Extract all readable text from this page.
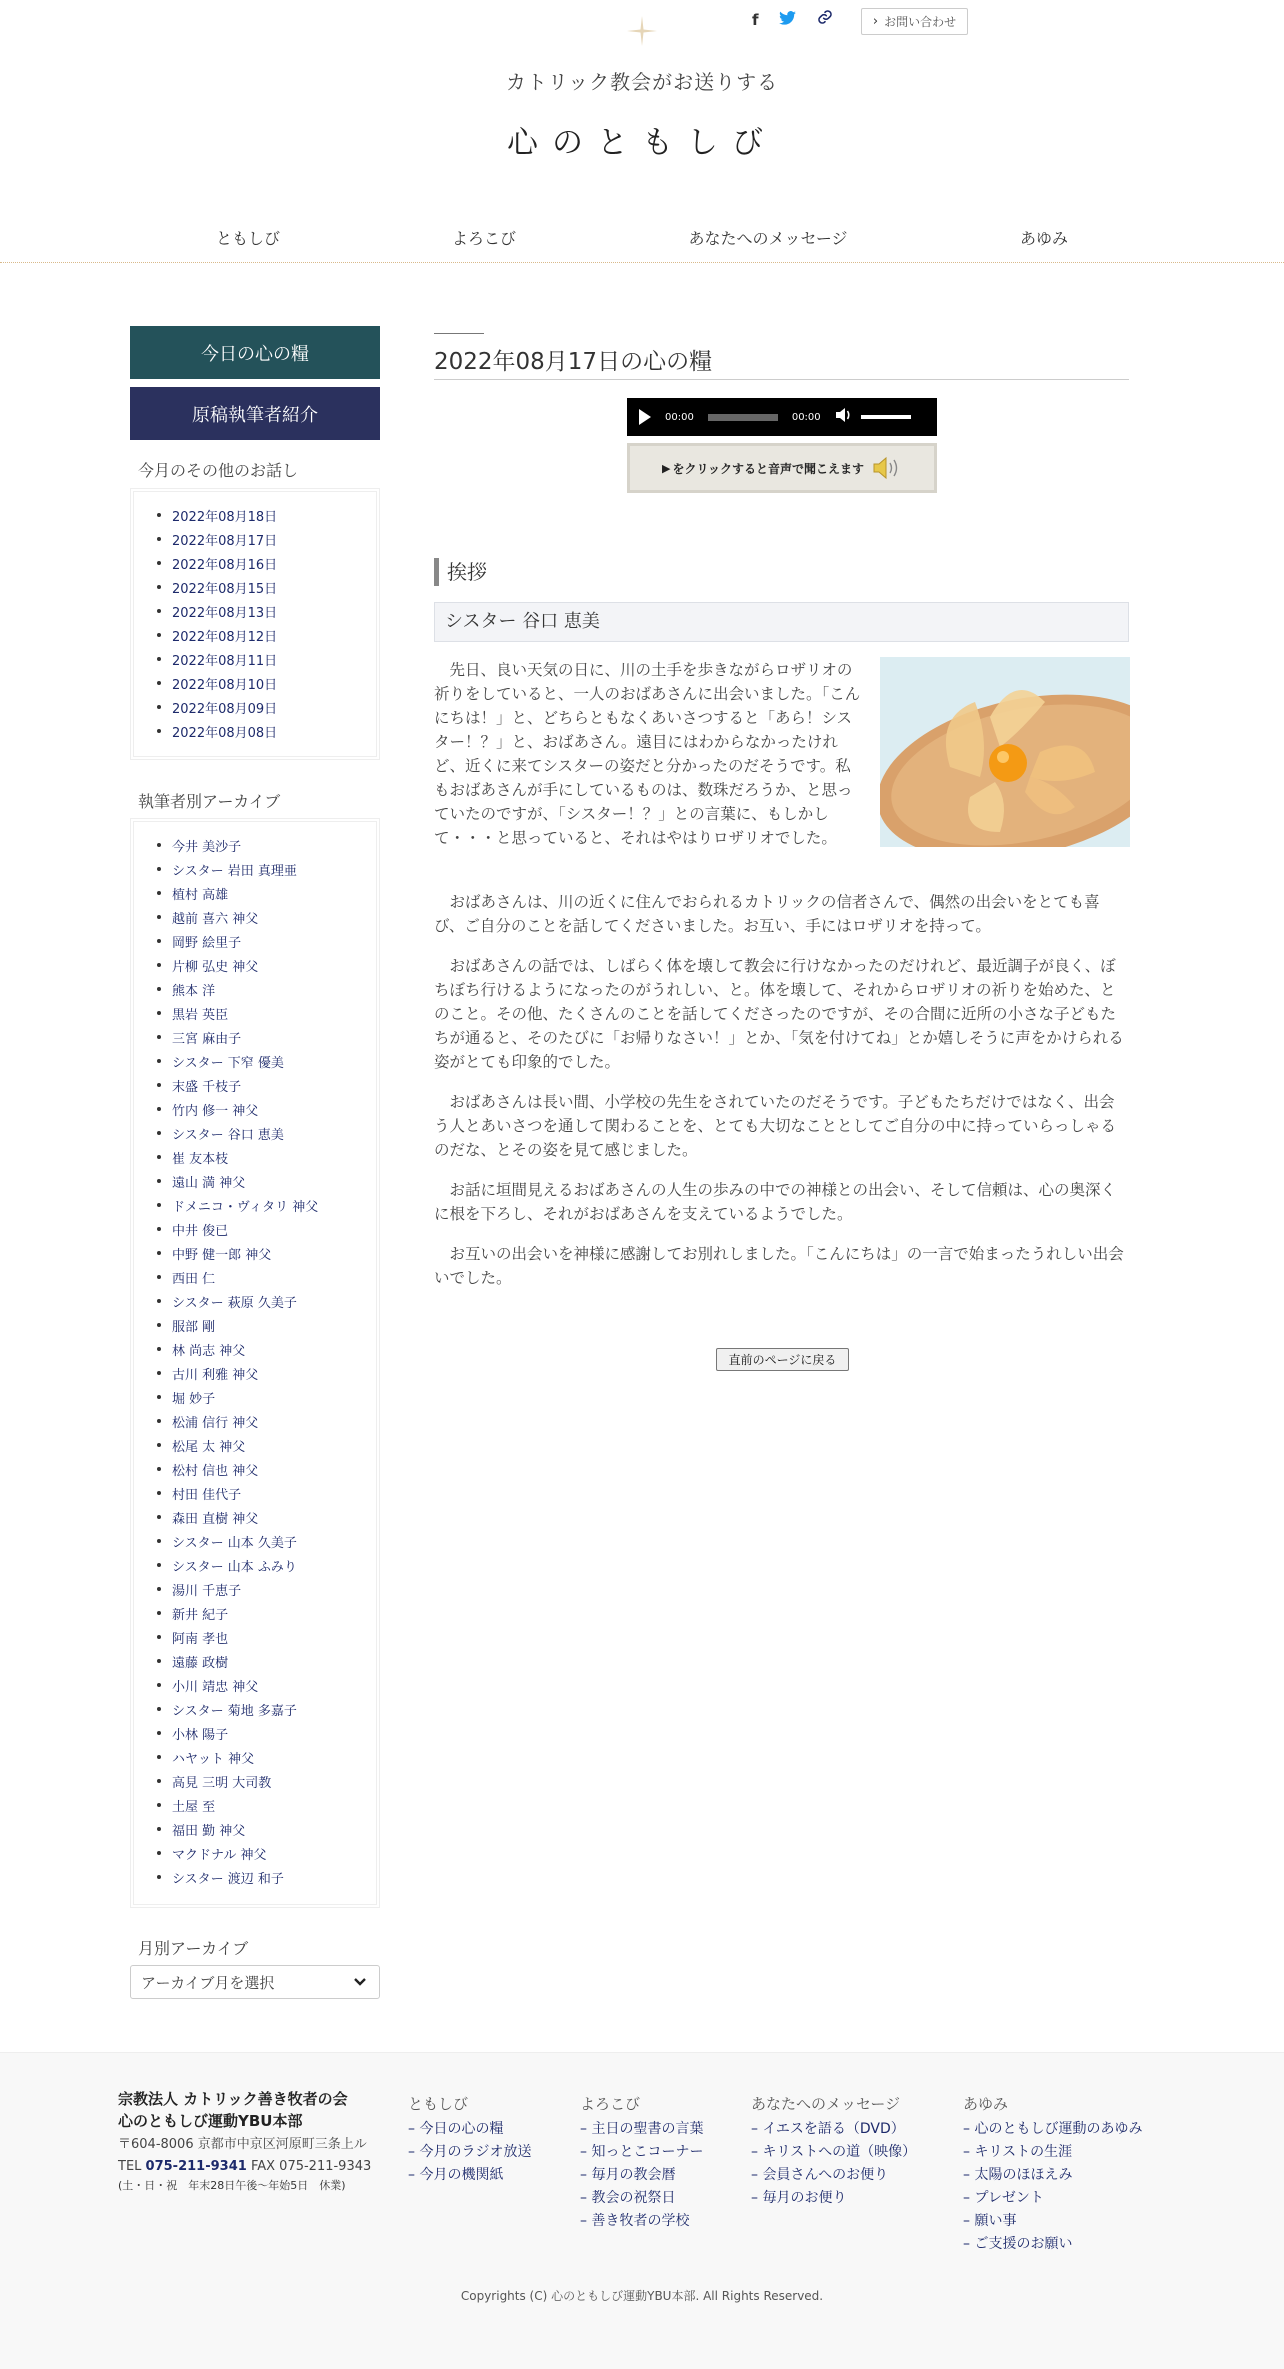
f	› お問い合わせ
カトリック教会がお送りする
心のともしび
ともしび	よろこび	あなたへのメッセージ	あゆみ
今日の心の糧
原稿執筆者紹介
今月のその他のお話し
2022年08月18日
2022年08月17日
2022年08月16日
2022年08月15日
2022年08月13日
2022年08月12日
2022年08月11日
2022年08月10日
2022年08月09日
2022年08月08日
執筆者別アーカイブ
今井 美沙子
シスター 岩田 真理亜
植村 高雄
越前 喜六 神父
岡野 絵里子
片柳 弘史 神父
熊本 洋
黒岩 英臣
三宮 麻由子
シスター 下窄 優美
末盛 千枝子
竹内 修一 神父
シスター 谷口 恵美
崔 友本枝
遠山 満 神父
ドメニコ・ヴィタリ 神父
中井 俊已
中野 健一郎 神父
西田 仁
シスター 萩原 久美子
服部 剛
林 尚志 神父
古川 利雅 神父
堀 妙子
松浦 信行 神父
松尾 太 神父
松村 信也 神父
村田 佳代子
森田 直樹 神父
シスター 山本 久美子
シスター 山本 ふみり
湯川 千恵子
新井 紀子
阿南 孝也
遠藤 政樹
小川 靖忠 神父
シスター 菊地 多嘉子
小林 陽子
ハヤット 神父
高見 三明 大司教
土屋 至
福田 勤 神父
マクドナル 神父
シスター 渡辺 和子
月別アーカイブ
アーカイブ月を選択
2022年08月17日の心の糧
00:00	00:00
▶ をクリックすると音声で聞こえます
挨拶
シスター 谷口 恵美

先日、良い天気の日に、川の土手を歩きながらロザリオの祈りをしていると、一人のおばあさんに出会いました。「こんにちは！」と、どちらともなくあいさつすると「あら！シスター！？」と、おばあさん。遠目にはわからなかったけれど、近くに来てシスターの姿だと分かったのだそうです。私もおばあさんが手にしているものは、数珠だろうか、と思っていたのですが、「シスター！？」との言葉に、もしかして・・・と思っていると、それはやはりロザリオでした。

おばあさんは、川の近くに住んでおられるカトリックの信者さんで、偶然の出会いをとても喜び、ご自分のことを話してくださいました。お互い、手にはロザリオを持って。

おばあさんの話では、しばらく体を壊して教会に行けなかったのだけれど、最近調子が良く、ぼちぼち行けるようになったのがうれしい、と。体を壊して、それからロザリオの祈りを始めた、とのこと。その他、たくさんのことを話してくださったのですが、その合間に近所の小さな子どもたちが通ると、そのたびに「お帰りなさい！」とか、「気を付けてね」とか嬉しそうに声をかけられる姿がとても印象的でした。

おばあさんは長い間、小学校の先生をされていたのだそうです。子どもたちだけではなく、出会う人とあいさつを通して関わることを、とても大切なこととしてご自分の中に持っていらっしゃるのだな、とその姿を見て感じました。

お話に垣間見えるおばあさんの人生の歩みの中での神様との出会い、そして信頼は、心の奥深くに根を下ろし、それがおばあさんを支えているようでした。

お互いの出会いを神様に感謝してお別れしました。「こんにちは」の一言で始まったうれしい出会いでした。

直前のページに戻る
宗教法人 カトリック善き牧者の会
心のともしび運動YBU本部
〒604-8006 京都市中京区河原町三条上ル
TEL 075-211-9341 FAX 075-211-9343
(土・日・祝　年末28日午後〜年始5日　休業)
ともしび
– 今日の心の糧
– 今月のラジオ放送
– 今月の機関紙
よろこび
– 主日の聖書の言葉
– 知っとこコーナー
– 毎月の教会暦
– 教会の祝祭日
– 善き牧者の学校
あなたへのメッセージ
– イエスを語る（DVD）
– キリストへの道（映像）
– 会員さんへのお便り
– 毎月のお便り
あゆみ
– 心のともしび運動のあゆみ
– キリストの生涯
– 太陽のほほえみ
– プレゼント
– 願い事
– ご支援のお願い
Copyrights (C) 心のともしび運動YBU本部. All Rights Reserved.
